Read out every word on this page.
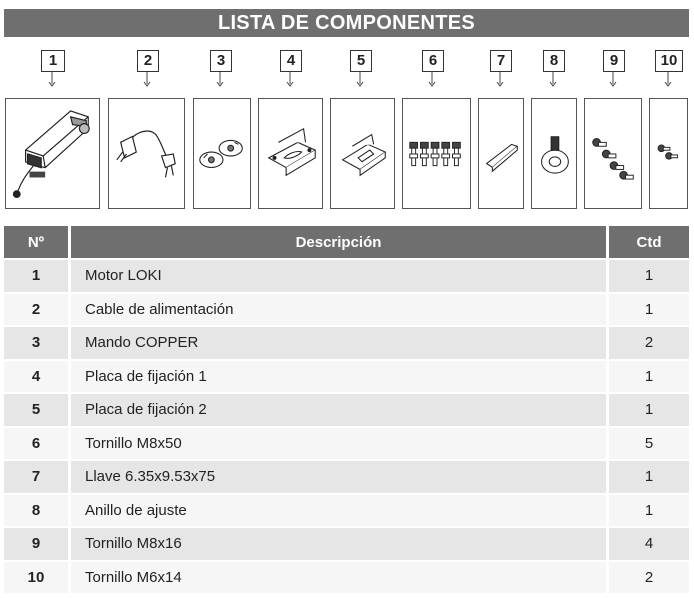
LISTA DE COMPONENTES
1	2	3	4	5	6	7	8	9	10
Nº	Descripción	Ctd
1	Motor LOKI	1
2	Cable de alimentación	1
3	Mando COPPER	2
4	Placa de fijación 1	1
5	Placa de fijación 2	1
6	Tornillo M8x50	5
7	Llave 6.35x9.53x75	1
8	Anillo de ajuste	1
9	Tornillo M8x16	4
10	Tornillo M6x14	2
